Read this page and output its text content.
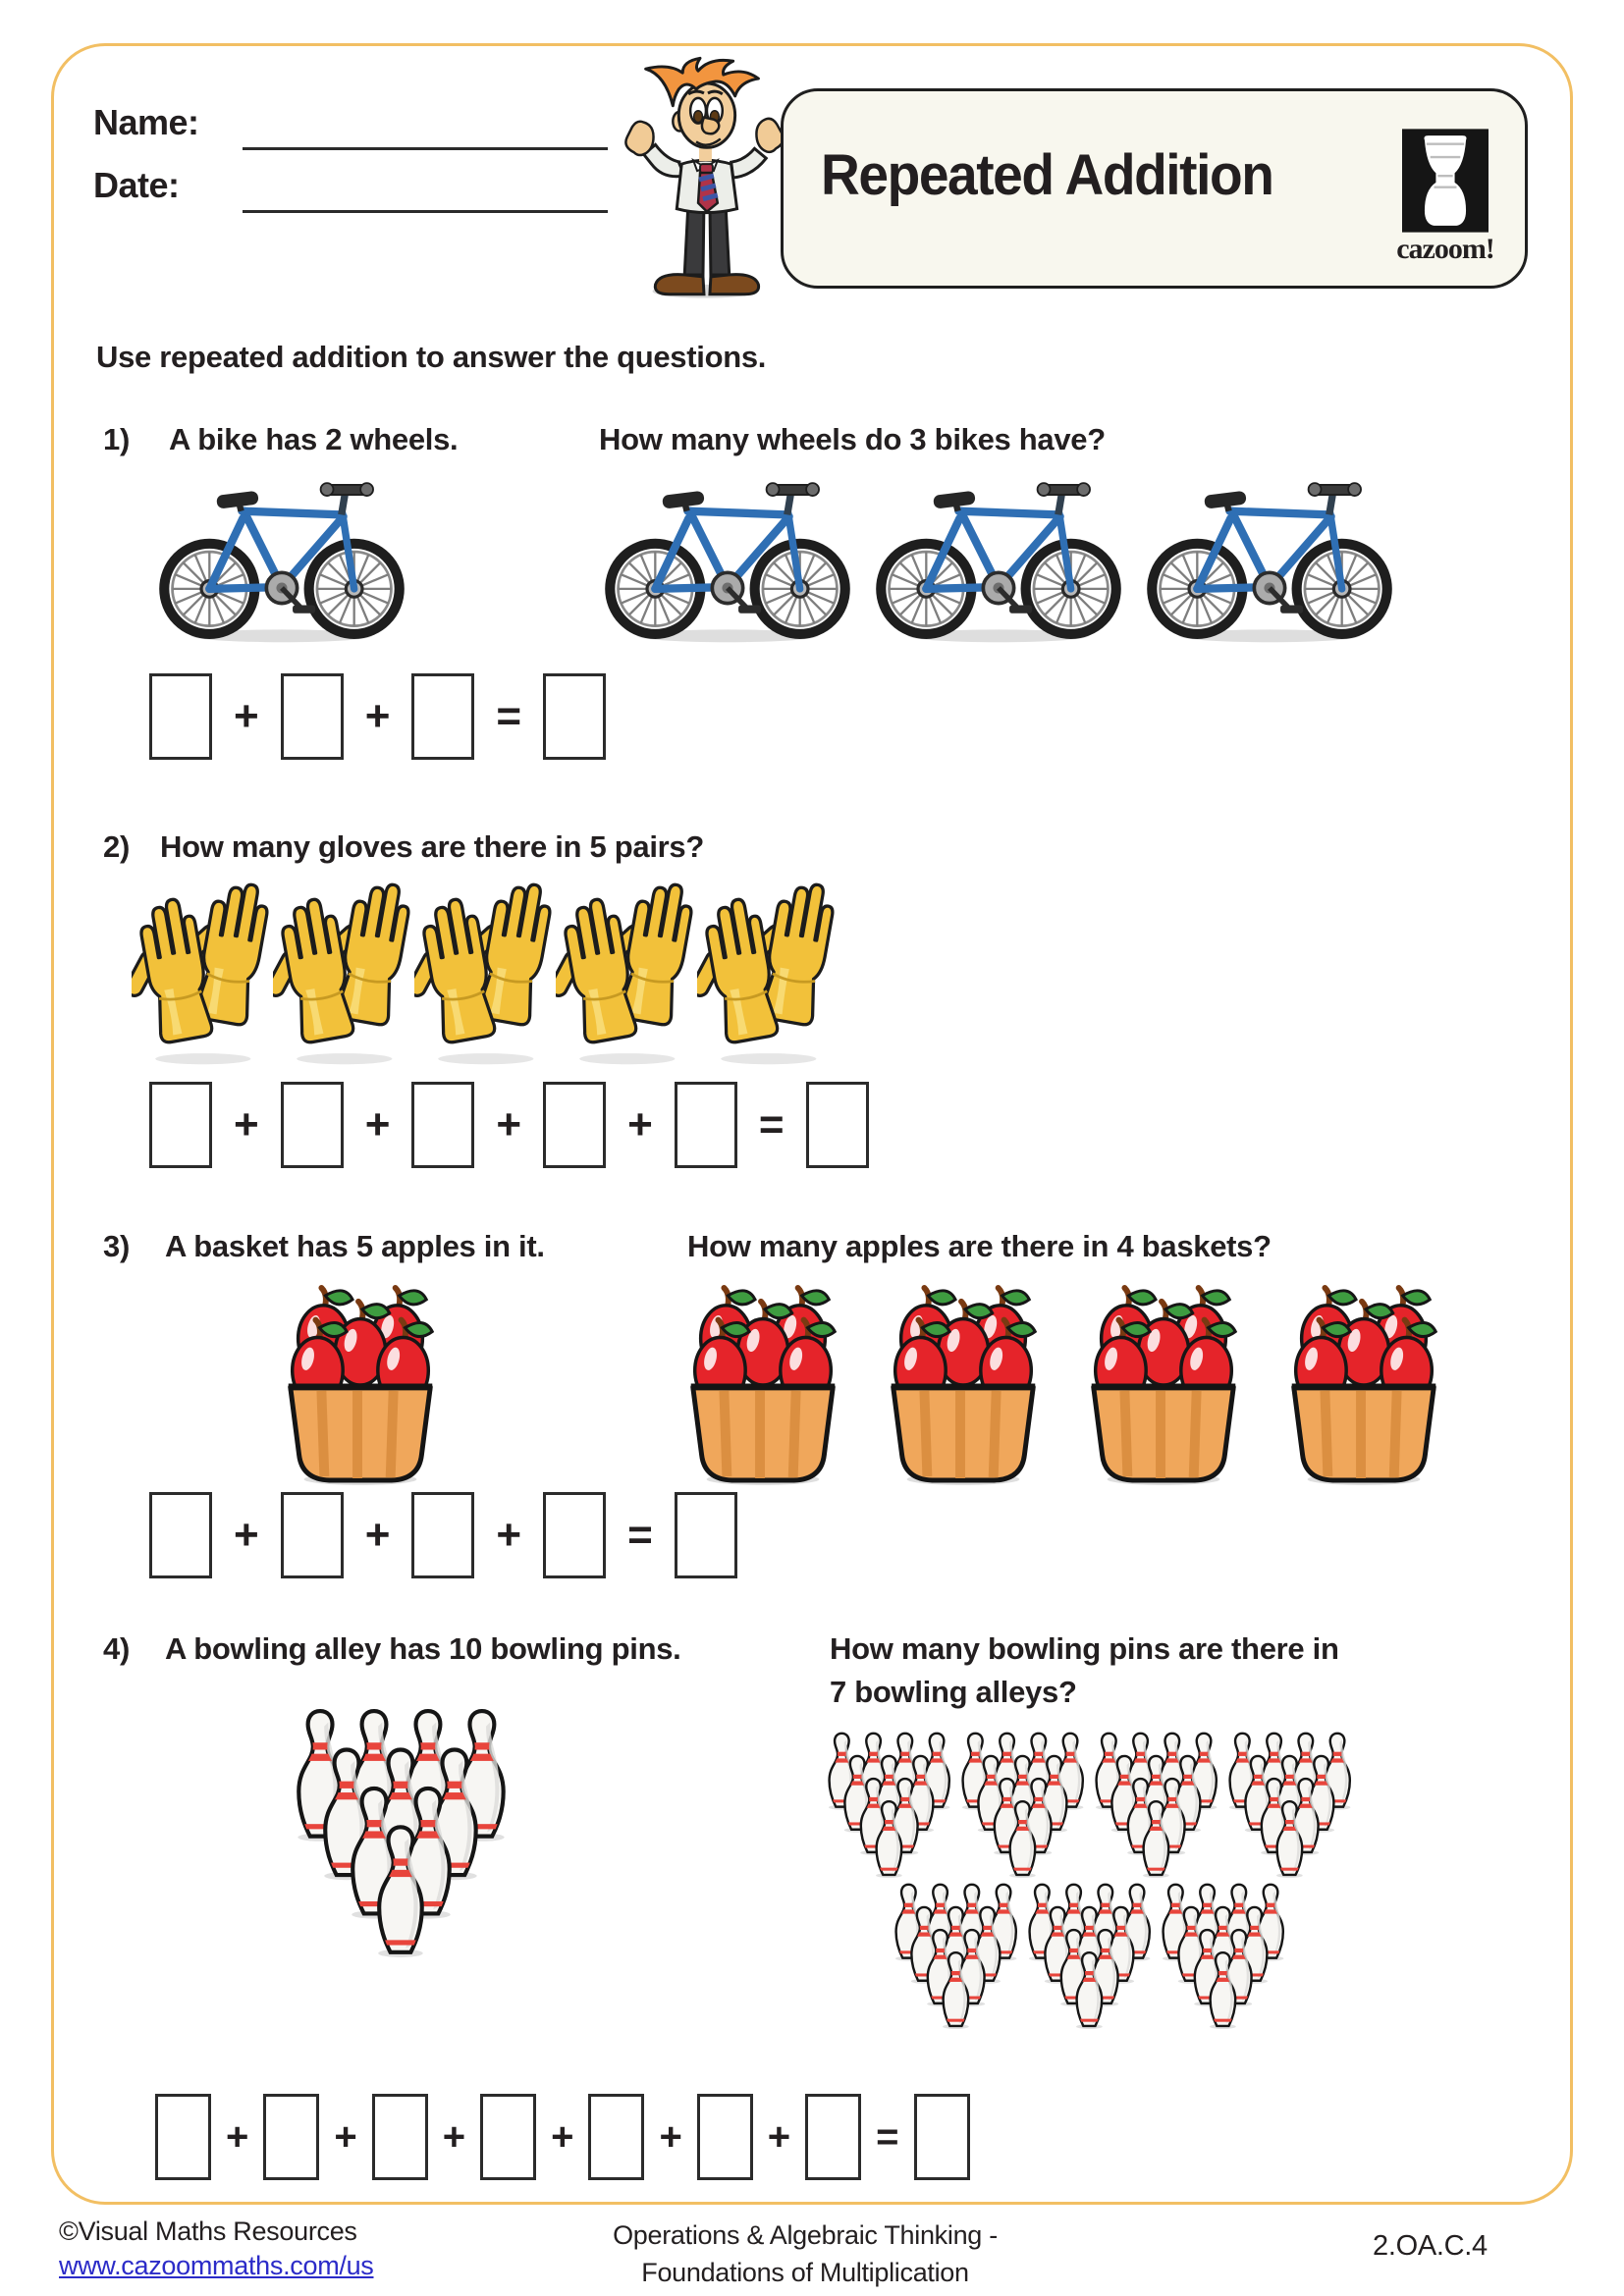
Name:
Date:	Repeated Addition
cazoom!
Use repeated addition to answer the questions.
1) A bike has 2 wheels.	How many wheels do 3 bikes have?
+ + =
2) How many gloves are there in 5 pairs?
+ + + + =
3) A basket has 5 apples in it.	How many apples are there in 4 baskets?
+ + + =
4) A bowling alley has 10 bowling pins.	How many bowling pins are there in
7 bowling alleys?
+ + + + + + =
©Visual Maths Resources
www.cazoommaths.com/us
Operations & Algebraic Thinking -
Foundations of Multiplication
2.OA.C.4
